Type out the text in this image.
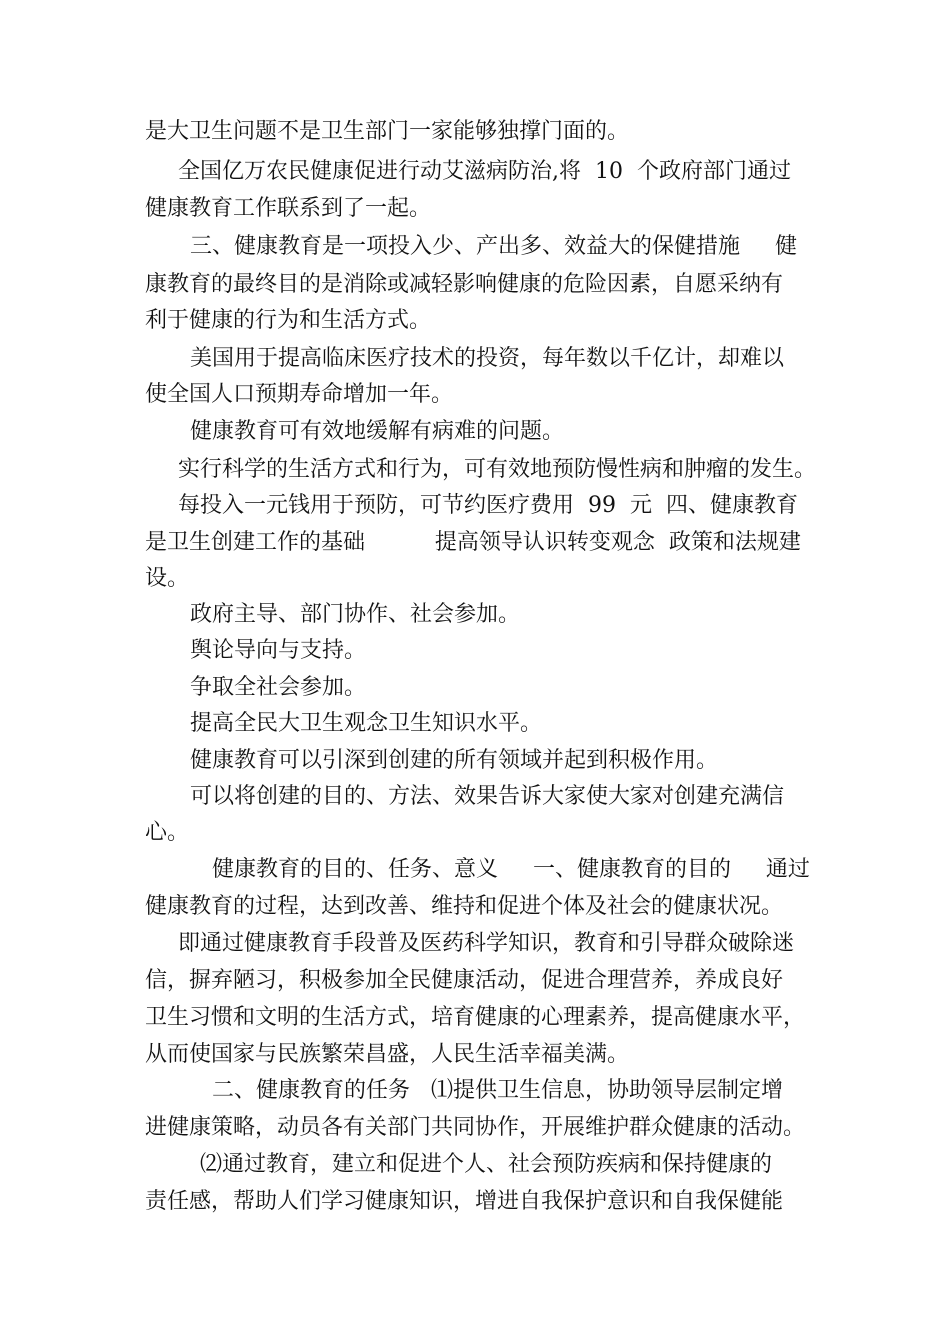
是大卫生问题不是卫生部门一家能够独撑门面的。
全国亿万农民健康促进行动艾滋病防治,将  10  个政府部门通过
健康教育工作联系到了一起。
三、健康教育是一项投入少、产出多、效益大的保健措施     健
康教育的最终目的是消除或减轻影响健康的危险因素，自愿采纳有
利于健康的行为和生活方式。
美国用于提高临床医疗技术的投资，每年数以千亿计，却难以
使全国人口预期寿命增加一年。
健康教育可有效地缓解有病难的问题。
实行科学的生活方式和行为，可有效地预防慢性病和肿瘤的发生。
每投入一元钱用于预防，可节约医疗费用  99  元  四、健康教育
是卫生创建工作的基础          提高领导认识转变观念  政策和法规建
设。
政府主导、部门协作、社会参加。
舆论导向与支持。
争取全社会参加。
提高全民大卫生观念卫生知识水平。
健康教育可以引深到创建的所有领域并起到积极作用。
可以将创建的目的、方法、效果告诉大家使大家对创建充满信
心。
健康教育的目的、任务、意义     一、健康教育的目的     通过
健康教育的过程，达到改善、维持和促进个体及社会的健康状况。
即通过健康教育手段普及医药科学知识，教育和引导群众破除迷
信，摒弃陋习，积极参加全民健康活动，促进合理营养，养成良好
卫生习惯和文明的生活方式，培育健康的心理素养，提高健康水平，
从而使国家与民族繁荣昌盛，人民生活幸福美满。
二、健康教育的任务   ⑴提供卫生信息，协助领导层制定增
进健康策略，动员各有关部门共同协作，开展维护群众健康的活动。
⑵通过教育，建立和促进个人、社会预防疾病和保持健康的
责任感，帮助人们学习健康知识，增进自我保护意识和自我保健能
